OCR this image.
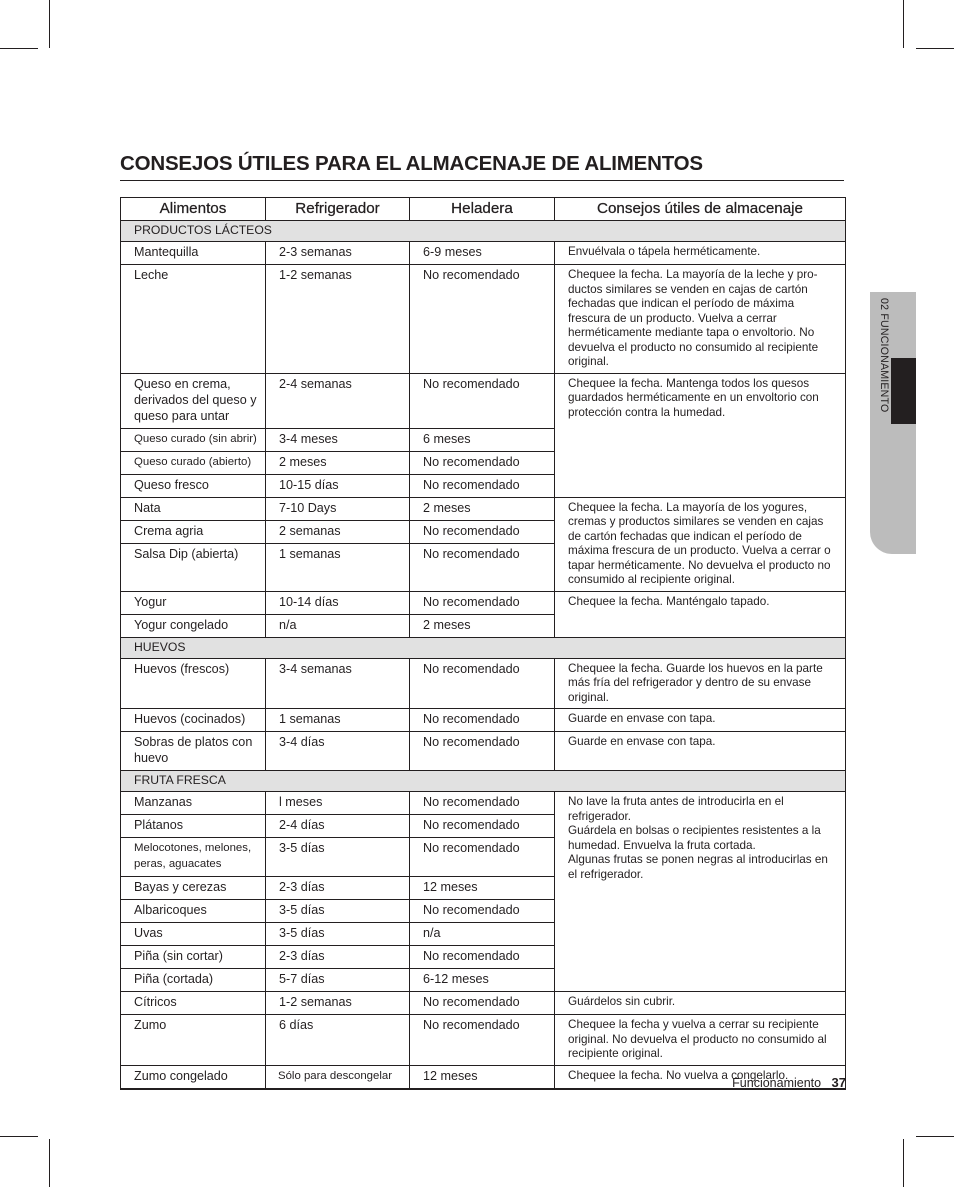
CONSEJOS ÚTILES PARA EL ALMACENAJE DE ALIMENTOS
Alimentos	Refrigerador	Heladera	Consejos útiles de almacenaje
PRODUCTOS LÁCTEOS			
Mantequilla	2-3 semanas	6-9 meses	Envuélvala o tápela herméticamente.
Leche	1-2 semanas	No recomendado	Chequee la fecha. La mayoría de la leche y pro-ductos similares se venden en cajas de cartón fechadas que indican el período de máxima frescura de un producto. Vuelva a cerrar herméticamente mediante tapa o envoltorio. No devuelva el producto no consumido al recipiente original.
Queso en crema, derivados del queso y queso para untar	2-4 semanas	No recomendado	Chequee la fecha. Mantenga todos los quesos guardados herméticamente en un envoltorio con protección contra la humedad.
Queso curado (sin abrir)	3-4 meses	6 meses	
Queso curado (abierto)	2 meses	No recomendado	
Queso fresco	10-15 días	No recomendado	
Nata	7-10 Days	2 meses	Chequee la fecha. La mayoría de los yogures, cremas y productos similares se venden en cajas de cartón fechadas que indican el período de máxima frescura de un producto. Vuelva a cerrar o tapar herméticamente. No devuelva el producto no consumido al recipiente original.
Crema agria	2 semanas	No recomendado	
Salsa Dip (abierta)	1 semanas	No recomendado	
Yogur	10-14 días	No recomendado	Chequee la fecha. Manténgalo tapado.
Yogur congelado	n/a	2 meses	
HUEVOS			
Huevos (frescos)	3-4 semanas	No recomendado	Chequee la fecha. Guarde los huevos en la parte más fría del refrigerador y dentro de su envase original.
Huevos (cocinados)	1 semanas	No recomendado	Guarde en envase con tapa.
Sobras de platos con huevo	3-4 días	No recomendado	Guarde en envase con tapa.
FRUTA FRESCA			
Manzanas	l meses	No recomendado	No lave la fruta antes de introducirla en el refrigerador.
Guárdela en bolsas o recipientes resistentes a la humedad. Envuelva la fruta cortada.
Algunas frutas se ponen negras al introducirlas en el refrigerador.
Plátanos	2-4 días	No recomendado	
Melocotones, melones, peras, aguacates	3-5 días	No recomendado	
Bayas y cerezas	2-3 días	12 meses	
Albaricoques	3-5 días	No recomendado	
Uvas	3-5 días	n/a	
Piña (sin cortar)	2-3 días	No recomendado	
Piña (cortada)	5-7 días	6-12 meses	
Cítricos	1-2 semanas	No recomendado	Guárdelos sin cubrir.
Zumo	6 días	No recomendado	Chequee la fecha y vuelva a cerrar su recipiente original. No devuelva el producto no consumido al recipiente original.
Zumo congelado	Sólo para descongelar	12 meses	Chequee la fecha. No vuelva a congelarlo.
02 FUNCIONAMIENTO
Funcionamiento _37
